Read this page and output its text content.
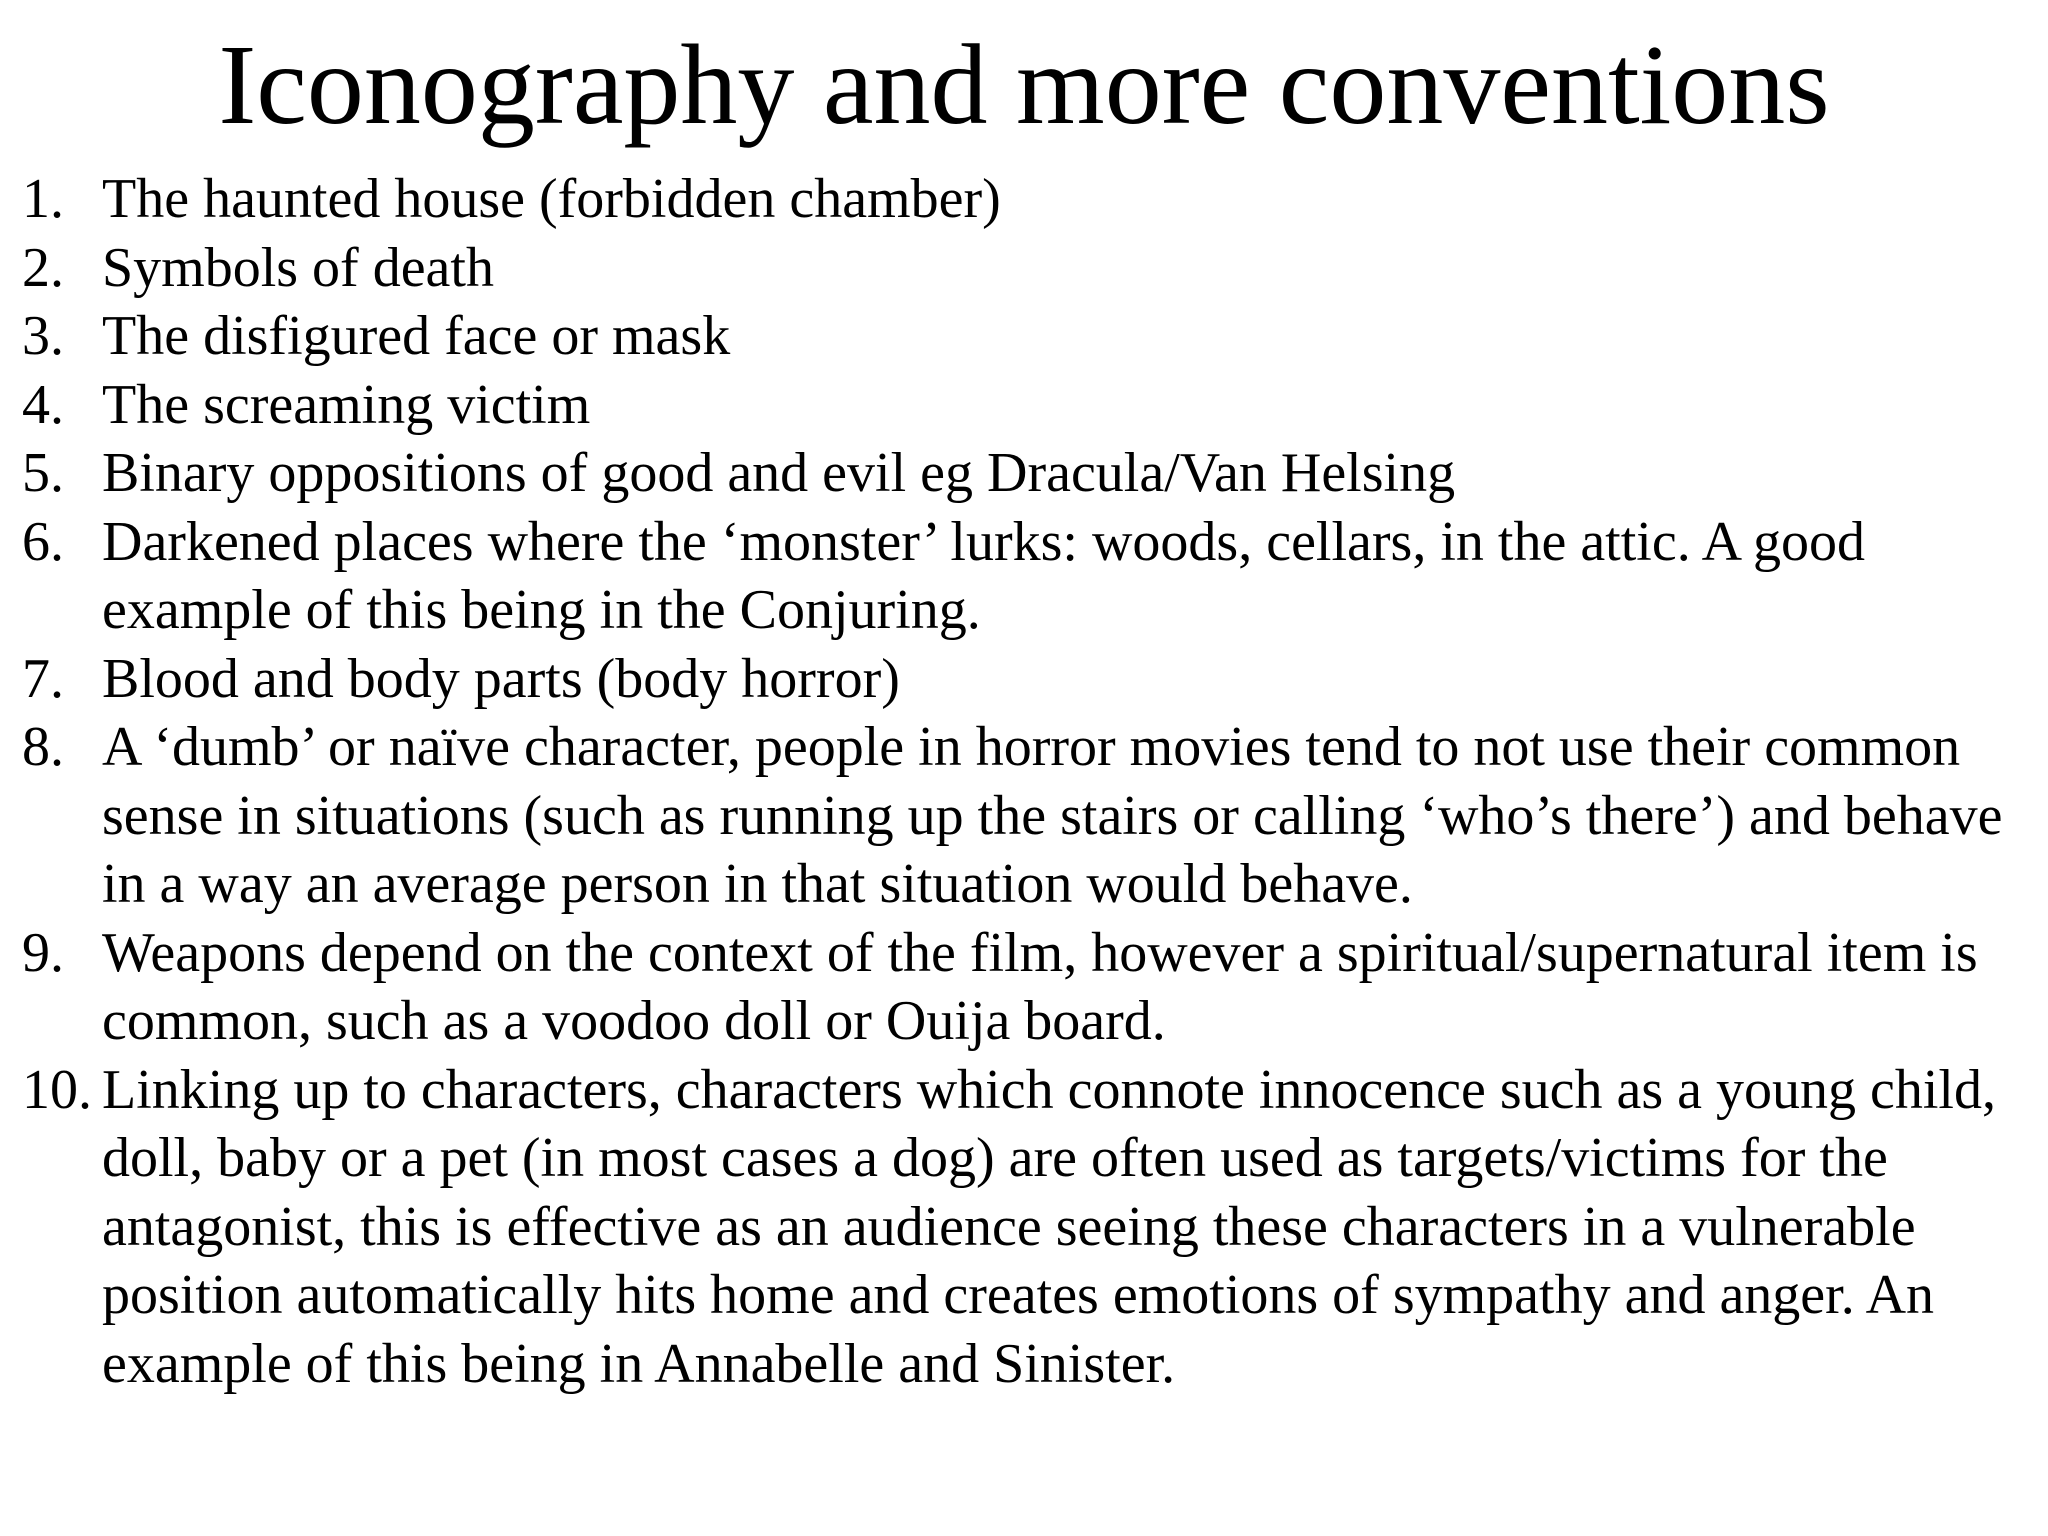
Iconography and more conventions
1. The haunted house (forbidden chamber)
2. Symbols of death
3. The disfigured face or mask
4. The screaming victim
5. Binary oppositions of good and evil eg Dracula/Van Helsing
6. Darkened places where the ‘monster’ lurks: woods, cellars, in the attic. A good
example of this being in the Conjuring.
7. Blood and body parts (body horror)
8. A ‘dumb’ or naïve character, people in horror movies tend to not use their common
sense in situations (such as running up the stairs or calling ‘who’s there’) and behave
in a way an average person in that situation would behave.
9. Weapons depend on the context of the film, however a spiritual/supernatural item is
common, such as a voodoo doll or Ouija board.
10. Linking up to characters, characters which connote innocence such as a young child,
doll, baby or a pet (in most cases a dog) are often used as targets/victims for the
antagonist, this is effective as an audience seeing these characters in a vulnerable
position automatically hits home and creates emotions of sympathy and anger. An
example of this being in Annabelle and Sinister.
